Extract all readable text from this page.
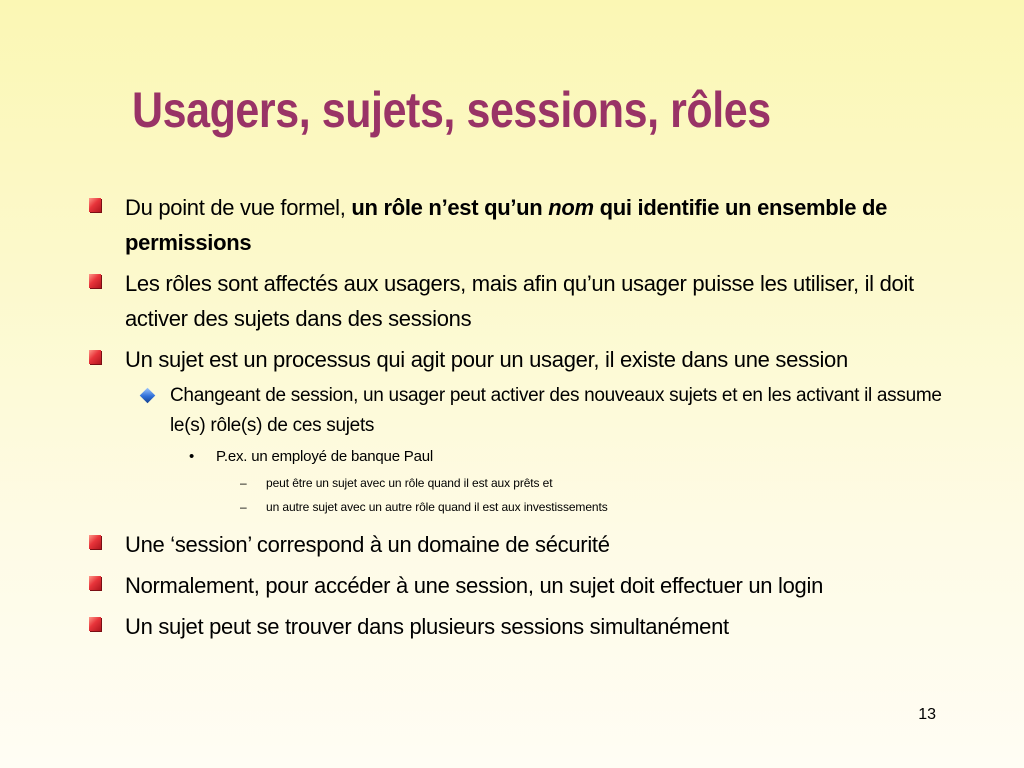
Usagers, sujets, sessions, rôles
Du point de vue formel, un rôle n’est qu’un nom qui identifie un ensemble de permissions
Les rôles sont affectés aux usagers, mais afin qu’un usager puisse les utiliser, il doit activer des sujets dans des sessions
Un sujet est un processus qui agit pour un usager, il existe dans une session
Changeant de session, un usager peut activer des nouveaux sujets et en les activant il assume le(s) rôle(s) de ces sujets
• P.ex. un employé de banque Paul
– peut être un sujet avec un rôle quand il est aux prêts et
– un autre sujet avec un autre rôle quand il est aux investissements
Une ‘session’ correspond à un domaine de sécurité
Normalement, pour accéder à une session, un sujet doit effectuer un login
Un sujet peut se trouver dans plusieurs sessions simultanément
13
